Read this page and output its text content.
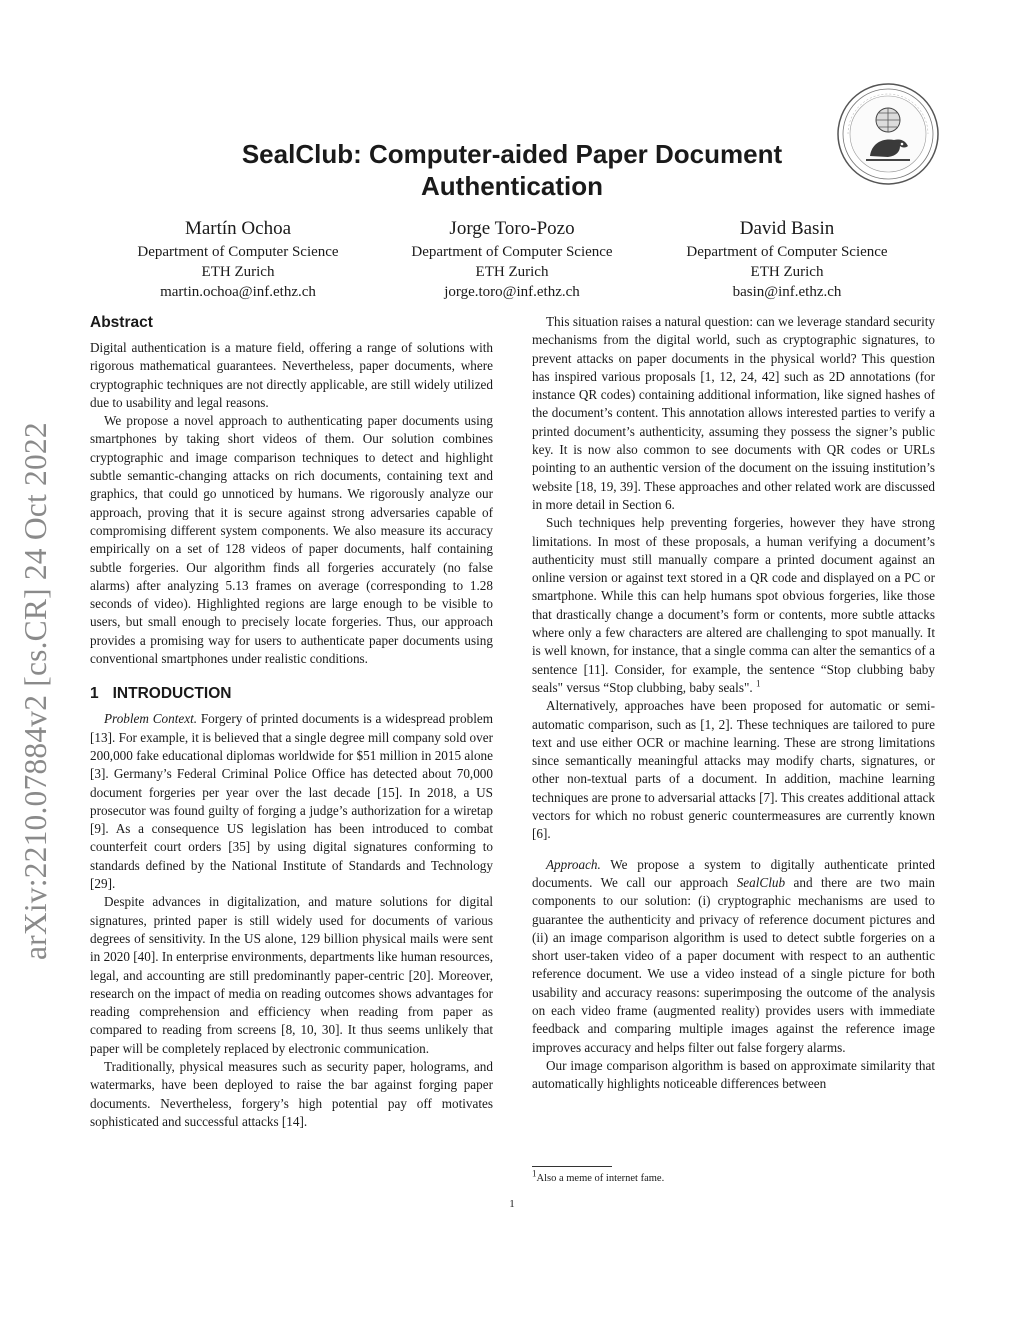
arXiv:2210.07884v2 [cs.CR] 24 Oct 2022
SealClub: Computer-aided Paper Document
Authentication
Martín Ochoa
Department of Computer Science
ETH Zurich
martin.ochoa@inf.ethz.ch
Jorge Toro-Pozo
Department of Computer Science
ETH Zurich
jorge.toro@inf.ethz.ch
David Basin
Department of Computer Science
ETH Zurich
basin@inf.ethz.ch
Abstract

Digital authentication is a mature field, offering a range of solutions with rigorous mathematical guarantees. Nevertheless, paper documents, where cryptographic techniques are not directly applicable, are still widely utilized due to usability and legal reasons.

We propose a novel approach to authenticating paper documents using smartphones by taking short videos of them. Our solution combines cryptographic and image comparison techniques to detect and highlight subtle semantic-changing attacks on rich documents, containing text and graphics, that could go unnoticed by humans. We rigorously analyze our approach, proving that it is secure against strong adversaries capable of compromising different system components. We also measure its accuracy empirically on a set of 128 videos of paper documents, half containing subtle forgeries. Our algorithm finds all forgeries accurately (no false alarms) after analyzing 5.13 frames on average (corresponding to 1.28 seconds of video). Highlighted regions are large enough to be visible to users, but small enough to precisely locate forgeries. Thus, our approach provides a promising way for users to authenticate paper documents using conventional smartphones under realistic conditions.

1 INTRODUCTION

Problem Context. Forgery of printed documents is a widespread problem [13]. For example, it is believed that a single degree mill company sold over 200,000 fake educational diplomas worldwide for $51 million in 2015 alone [3]. Germany’s Federal Criminal Police Office has detected about 70,000 document forgeries per year over the last decade [15]. In 2018, a US prosecutor was found guilty of forging a judge’s authorization for a wiretap [9]. As a consequence US legislation has been introduced to combat counterfeit court orders [35] by using digital signatures conforming to standards defined by the National Institute of Standards and Technology [29].

Despite advances in digitalization, and mature solutions for digital signatures, printed paper is still widely used for documents of various degrees of sensitivity. In the US alone, 129 billion physical mails were sent in 2020 [40]. In enterprise environments, departments like human resources, legal, and accounting are still predominantly paper-centric [20]. Moreover, research on the impact of media on reading outcomes shows advantages for reading comprehension and efficiency when reading from paper as compared to reading from screens [8, 10, 30]. It thus seems unlikely that paper will be completely replaced by electronic communication.

Traditionally, physical measures such as security paper, holograms, and watermarks, have been deployed to raise the bar against forging paper documents. Nevertheless, forgery’s high potential pay off motivates sophisticated and successful attacks [14].

This situation raises a natural question: can we leverage standard security mechanisms from the digital world, such as cryptographic signatures, to prevent attacks on paper documents in the physical world? This question has inspired various proposals [1, 12, 24, 42] such as 2D annotations (for instance QR codes) containing additional information, like signed hashes of the document’s content. This annotation allows interested parties to verify a printed document’s authenticity, assuming they possess the signer’s public key. It is now also common to see documents with QR codes or URLs pointing to an authentic version of the document on the issuing institution’s website [18, 19, 39]. These approaches and other related work are discussed in more detail in Section 6.

Such techniques help preventing forgeries, however they have strong limitations. In most of these proposals, a human verifying a document’s authenticity must still manually compare a printed document against an online version or against text stored in a QR code and displayed on a PC or smartphone. While this can help humans spot obvious forgeries, like those that drastically change a document’s form or contents, more subtle attacks where only a few characters are altered are challenging to spot manually. It is well known, for instance, that a single comma can alter the semantics of a sentence [11]. Consider, for example, the sentence “Stop clubbing baby seals" versus “Stop clubbing, baby seals". $^1$

Alternatively, approaches have been proposed for automatic or semi-automatic comparison, such as [1, 2]. These techniques are tailored to pure text and use either OCR or machine learning. These are strong limitations since semantically meaningful attacks may modify charts, signatures, or other non-textual parts of a document. In addition, machine learning techniques are prone to adversarial attacks [7]. This creates additional attack vectors for which no robust generic countermeasures are currently known [6].

Approach. We propose a system to digitally authenticate printed documents. We call our approach SealClub and there are two main components to our solution: (i) cryptographic mechanisms are used to guarantee the authenticity and privacy of reference document pictures and (ii) an image comparison algorithm is used to detect subtle forgeries on a short user-taken video of a paper document with respect to an authentic reference document. We use a video instead of a single picture for both usability and accuracy reasons: superimposing the outcome of the analysis on each video frame (augmented reality) provides users with immediate feedback and comparing multiple images against the reference image improves accuracy and helps filter out false forgery alarms.

Our image comparison algorithm is based on approximate similarity that automatically highlights noticeable differences between

$^1$Also a meme of internet fame.
1
